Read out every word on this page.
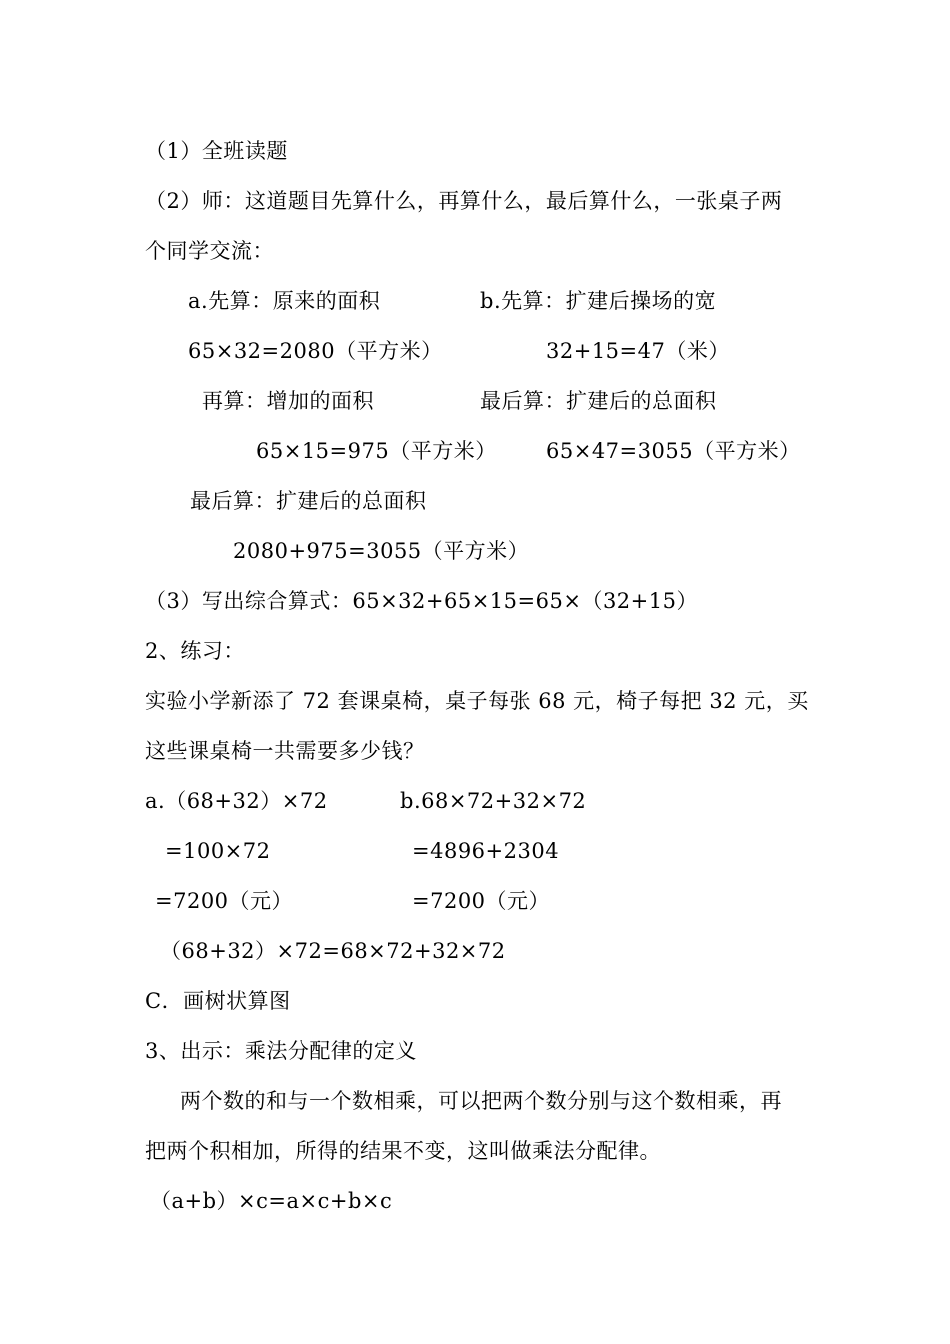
（1）全班读题
（2）师：这道题目先算什么，再算什么，最后算什么，一张桌子两
个同学交流：
a.先算：原来的面积	b.先算：扩建后操场的宽
65×32=2080（平方米）	32+15=47（米）
再算：增加的面积	最后算：扩建后的总面积
65×15=975（平方米） 65×47=3055（平方米）
最后算：扩建后的总面积
2080+975=3055（平方米）
（3）写出综合算式：65×32+65×15=65×（32+15）
2、练习：
实验小学新添了 72 套课桌椅，桌子每张 68 元，椅子每把 32 元，买
这些课桌椅一共需要多少钱？
a.（68+32）×72	b.68×72+32×72
=100×72	=4896+2304
=7200（元）	=7200（元）
（68+32）×72=68×72+32×72
C．画树状算图
3、出示：乘法分配律的定义
两个数的和与一个数相乘，可以把两个数分别与这个数相乘，再
把两个积相加，所得的结果不变，这叫做乘法分配律。
（a+b）×c=a×c+b×c
